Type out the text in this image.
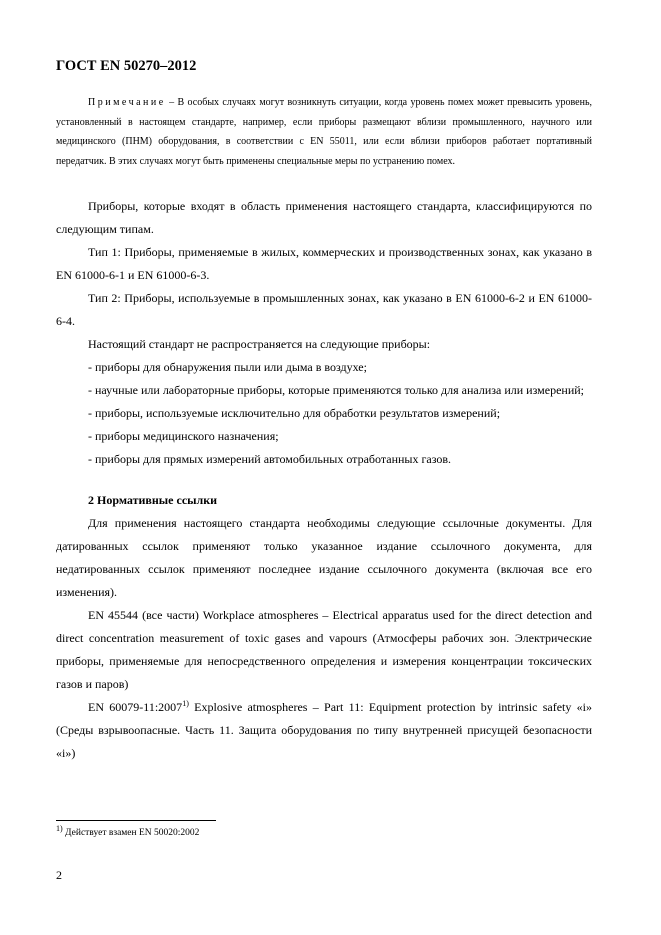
ГОСТ EN 50270–2012
Примечание – В особых случаях могут возникнуть ситуации, когда уровень помех может превысить уровень, установленный в настоящем стандарте, например, если приборы размещают вблизи промышленного, научного или медицинского (ПНМ) оборудования, в соответствии с EN 55011, или если вблизи приборов работает портативный передатчик. В этих случаях могут быть применены специальные меры по устранению помех.

Приборы, которые входят в область применения настоящего стандарта, классифицируются по следующим типам.

Тип 1: Приборы, применяемые в жилых, коммерческих и производственных зонах, как указано в EN 61000-6-1 и EN 61000-6-3.

Тип 2: Приборы, используемые в промышленных зонах, как указано в EN 61000-6-2 и EN 61000-6-4.

Настоящий стандарт не распространяется на следующие приборы:

- приборы для обнаружения пыли или дыма в воздухе;

- научные или лабораторные приборы, которые применяются только для анализа или измерений;

- приборы, используемые исключительно для обработки результатов измерений;

- приборы медицинского назначения;

- приборы для прямых измерений автомобильных отработанных газов.

2 Нормативные ссылки

Для применения настоящего стандарта необходимы следующие ссылочные документы. Для датированных ссылок применяют только указанное издание ссылочного документа, для недатированных ссылок применяют последнее издание ссылочного документа (включая все его изменения).

EN 45544 (все части) Workplace atmospheres – Electrical apparatus used for the direct detection and direct concentration measurement of toxic gases and vapours (Атмосферы рабочих зон. Электрические приборы, применяемые для непосредственного определения и измерения концентрации токсических газов и паров)

EN 60079-11:2007$^{1)}$ Explosive atmospheres – Part 11: Equipment protection by intrinsic safety «i» (Среды взрывоопасные. Часть 11. Защита оборудования по типу внутренней присущей безопасности «i»)

$^{1)}$ Действует взамен EN 50020:2002
2
